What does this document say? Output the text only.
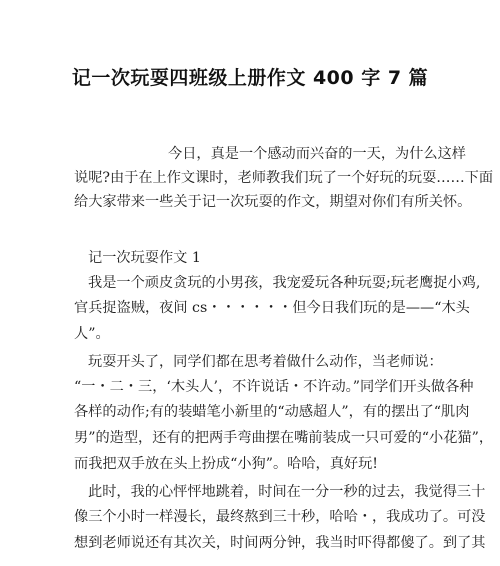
记一次玩耍四班级上册作文 400 字 7 篇
今日，真是一个感动而兴奋的一天，为什么这样
说呢?由于在上作文课时，老师教我们玩了一个好玩的玩耍……下面
给大家带来一些关于记一次玩耍的作文，期望对你们有所关怀。
记一次玩耍作文 1
我是一个顽皮贪玩的小男孩，我宠爱玩各种玩耍;玩老鹰捉小鸡,
官兵捉盗贼，夜间 cs・・・・・・但今日我们玩的是——“木头
人”。
玩耍开头了，同学们都在思考着做什么动作，当老师说：
“一・二・三，‘木头人’，不许说话・不许动。”同学们开头做各种
各样的动作;有的装蜡笔小新里的“动感超人”，有的摆出了“肌肉
男”的造型，还有的把两手弯曲摆在嘴前装成一只可爱的“小花猫”，
而我把双手放在头上扮成“小狗”。哈哈，真好玩!
此时，我的心怦怦地跳着，时间在一分一秒的过去，我觉得三十
像三个小时一样漫长，最终熬到三十秒，哈哈・，我成功了。可没
想到老师说还有其次关，时间两分钟，我当时吓得都傻了。到了其
